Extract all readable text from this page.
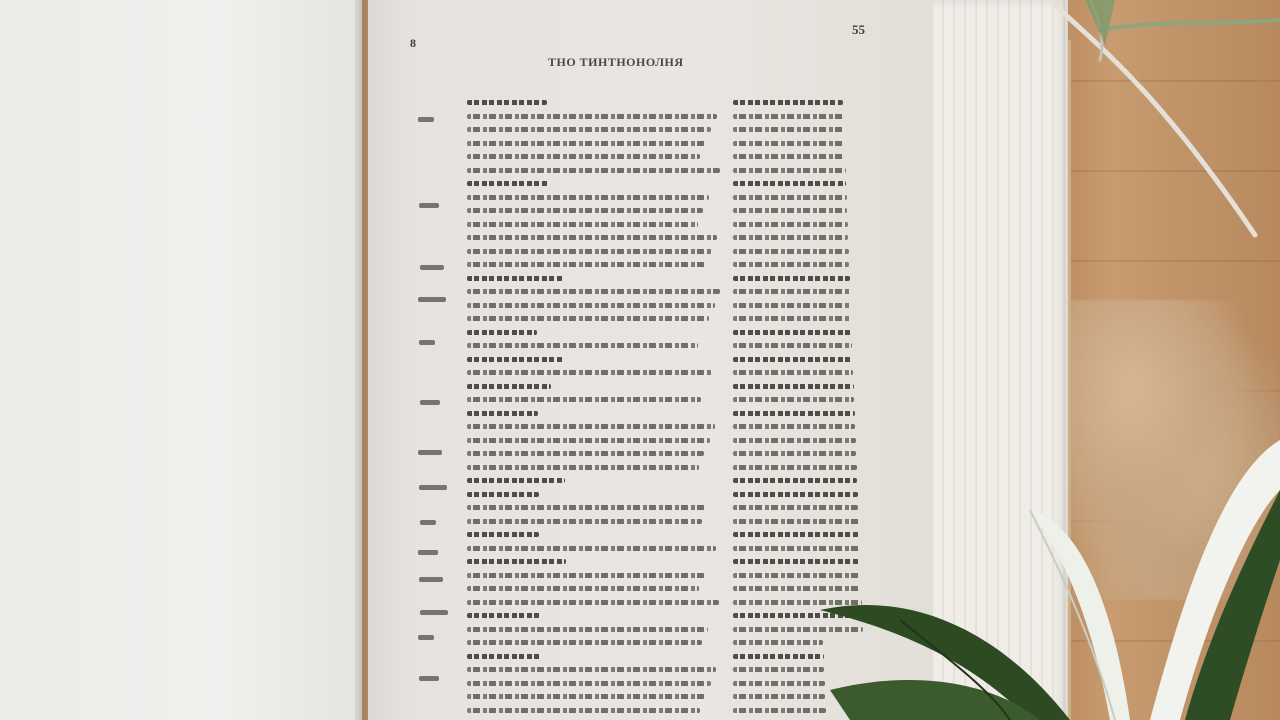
8
ТНО ТИНТНОНОЛНЯ
55
